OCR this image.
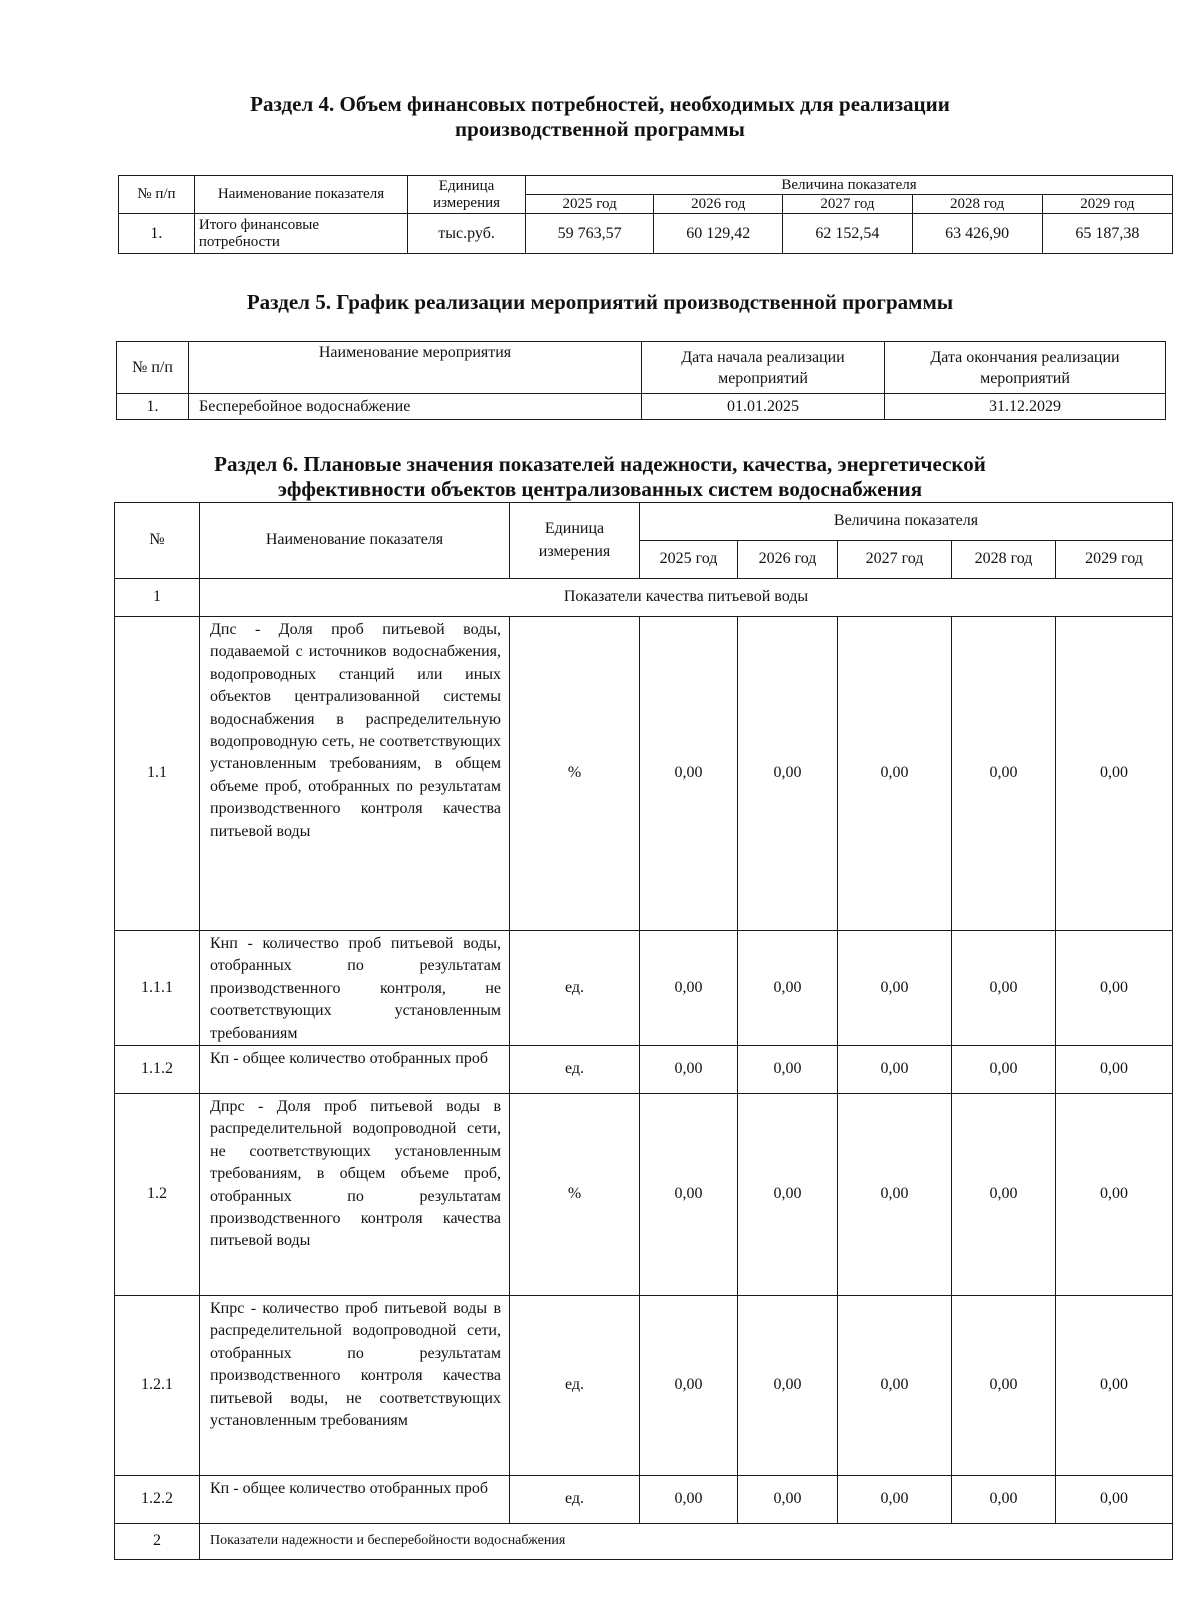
Раздел 4. Объем финансовых потребностей, необходимых для реализации
производственной программы
№ п/п	Наименование показателя	Единица измерения	Величина показателя				
			2025 год	2026 год	2027 год	2028 год	2029 год
1.	Итого финансовые потребности	тыс.руб.	59 763,57	60 129,42	62 152,54	63 426,90	65 187,38
Раздел 5. График реализации мероприятий производственной программы
№ п/п	Наименование мероприятия	Дата начала реализации мероприятий	Дата окончания реализации мероприятий
1.	Бесперебойное водоснабжение	01.01.2025	31.12.2029
Раздел 6. Плановые значения показателей надежности, качества, энергетической
эффективности объектов централизованных систем водоснабжения
№	Наименование показателя	Единица измерения	Величина показателя				
			2025 год	2026 год	2027 год	2028 год	2029 год
1	Показатели качества питьевой воды						
1.1	Дпс - Доля проб питьевой воды, подаваемой с источников водоснабжения, водопроводных станций или иных объектов централизованной системы водоснабжения в распределительную водопроводную сеть, не соответствующих установленным требованиям, в общем объеме проб, отобранных по результатам производственного контроля качества питьевой воды	%	0,00	0,00	0,00	0,00	0,00
1.1.1	Кнп - количество проб питьевой воды, отобранных по результатам производственного контроля, не соответствующих установленным требованиям	ед.	0,00	0,00	0,00	0,00	0,00
1.1.2	Кп - общее количество отобранных проб	ед.	0,00	0,00	0,00	0,00	0,00
1.2	Дпрс - Доля проб питьевой воды в распределительной водопроводной сети, не соответствующих установленным требованиям, в общем объеме проб, отобранных по результатам производственного контроля качества питьевой воды	%	0,00	0,00	0,00	0,00	0,00
1.2.1	Кпрс - количество проб питьевой воды в распределительной водопроводной сети, отобранных по результатам производственного контроля качества питьевой воды, не соответствующих установленным требованиям	ед.	0,00	0,00	0,00	0,00	0,00
1.2.2	Кп - общее количество отобранных проб	ед.	0,00	0,00	0,00	0,00	0,00
2	Показатели надежности и бесперебойности водоснабжения						
